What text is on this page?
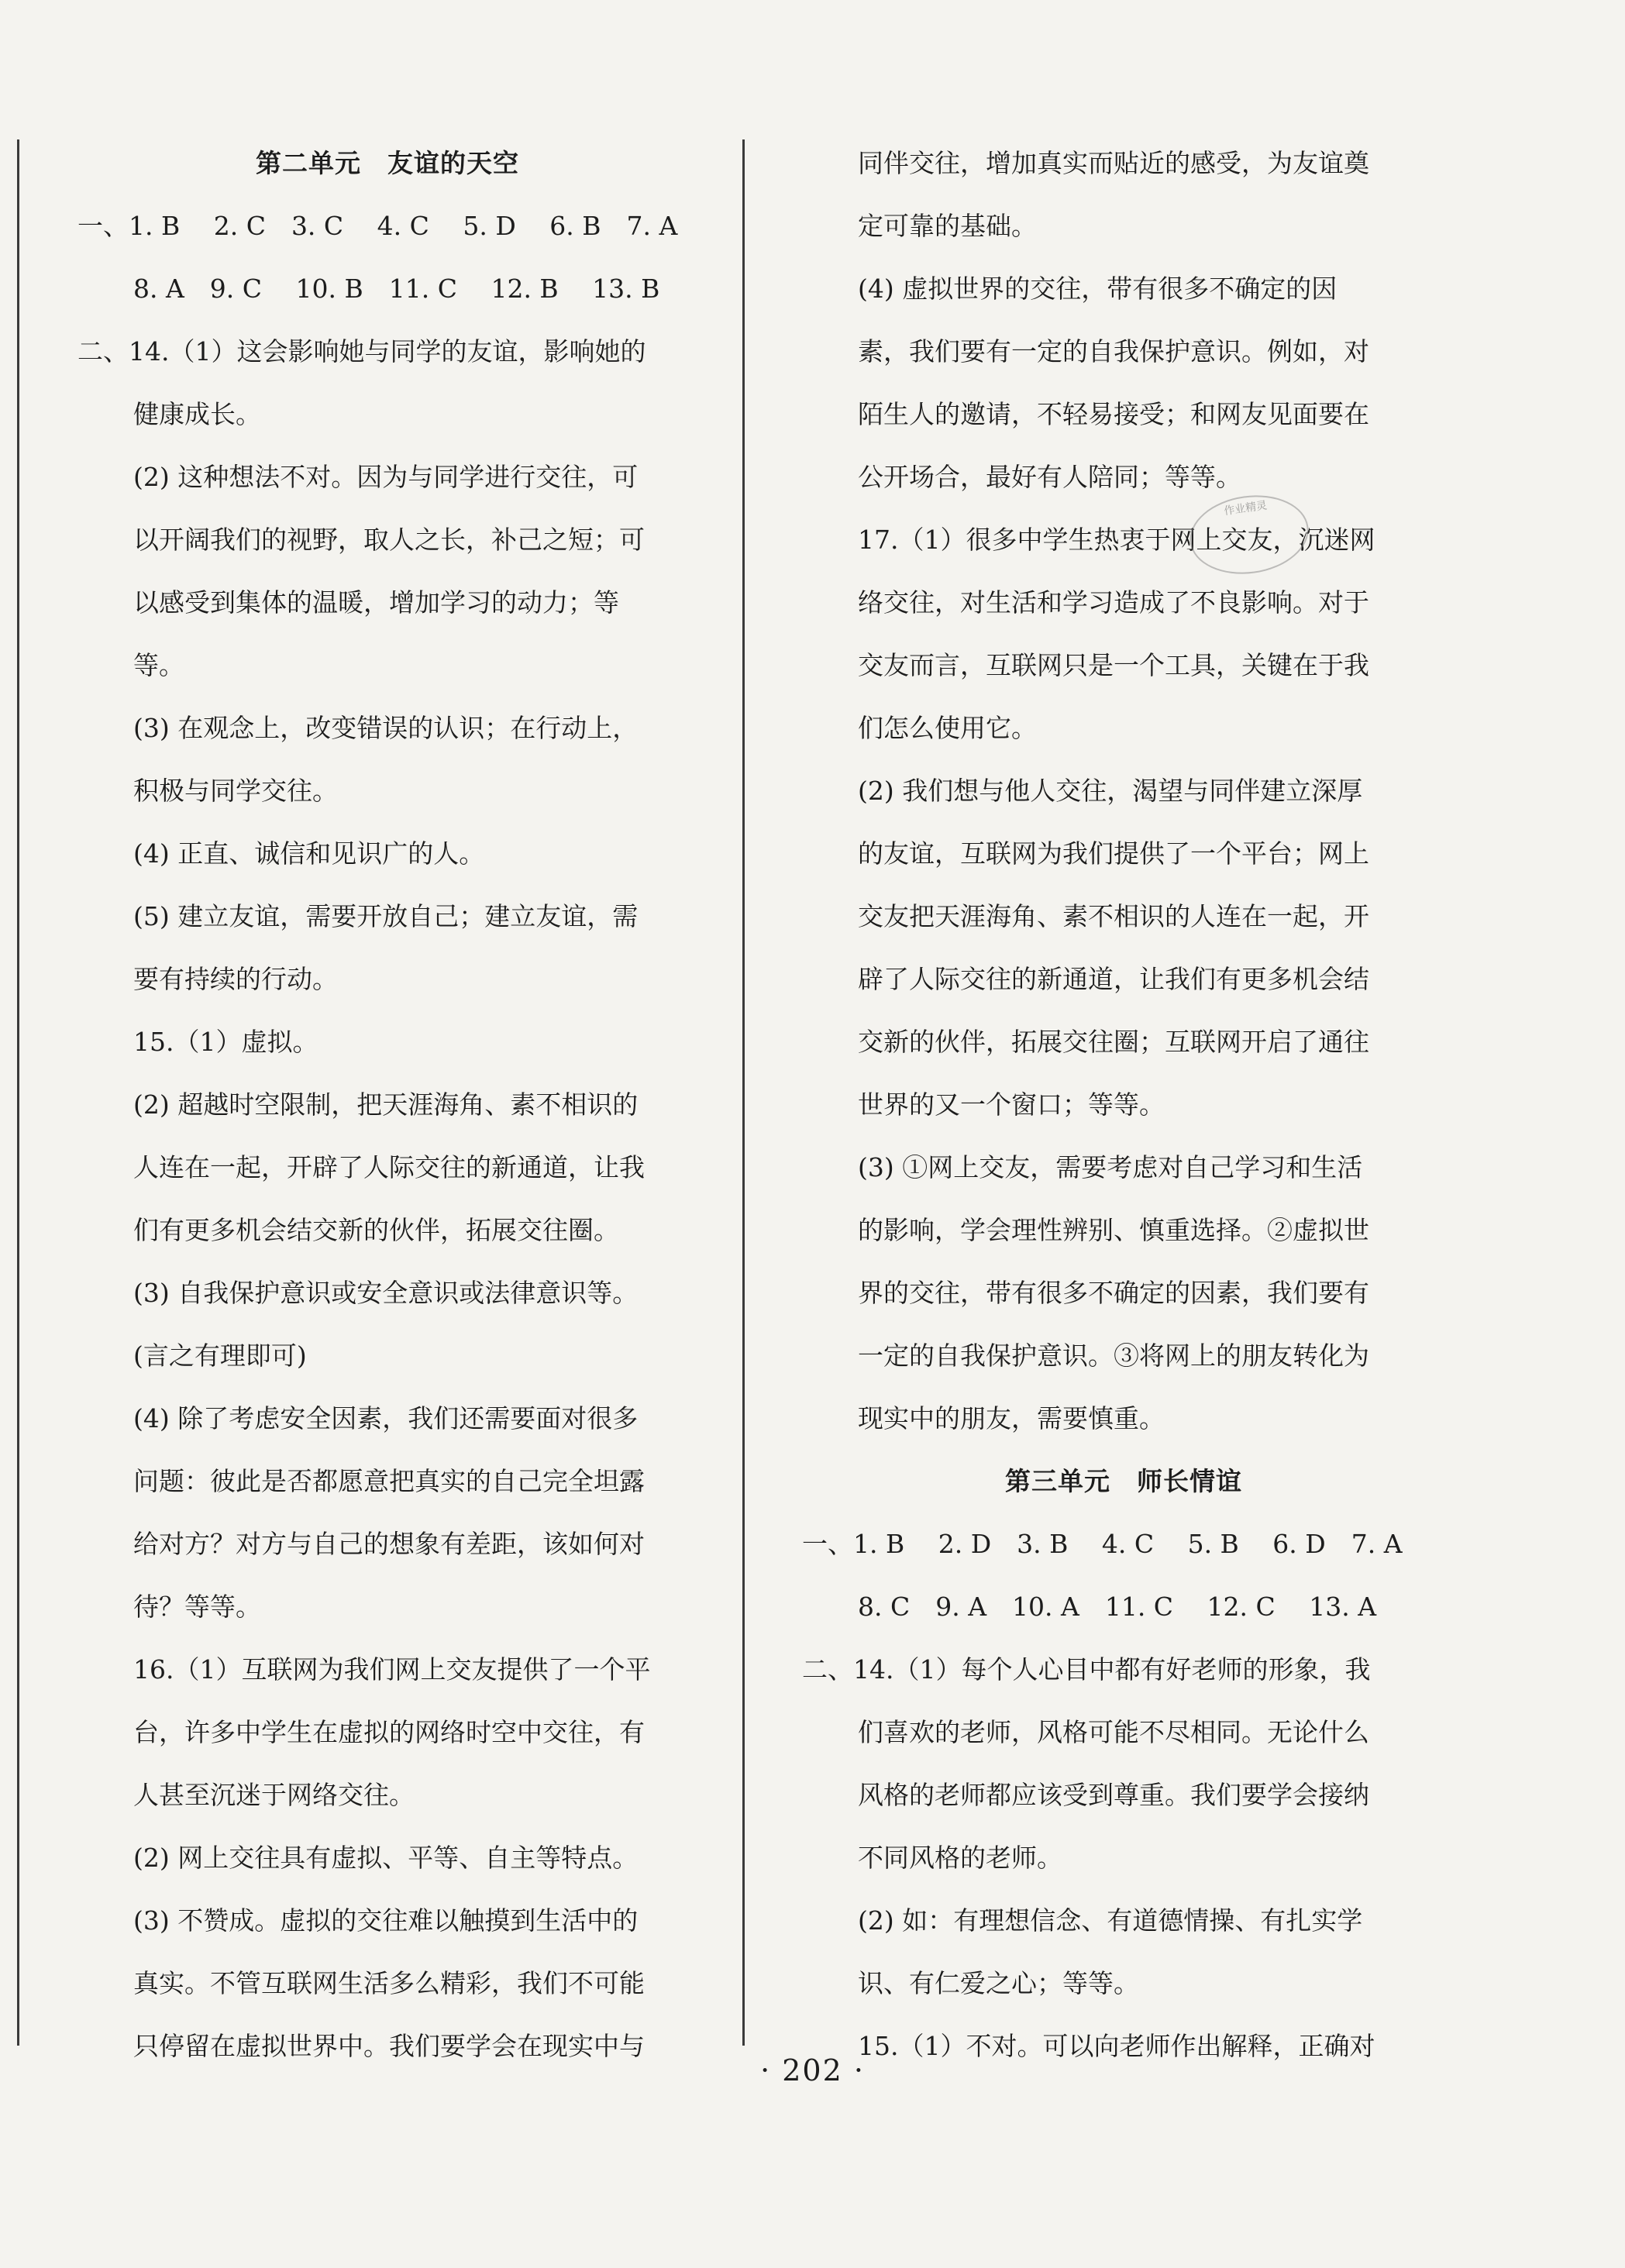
第二单元　友谊的天空
一、1. B　 2. C　3. C　 4. C　 5. D　 6. B　7. A
8. A　9. C　 10. B　11. C　 12. B　 13. B
二、14.（1）这会影响她与同学的友谊，影响她的
健康成长。
(2) 这种想法不对。因为与同学进行交往，可
以开阔我们的视野，取人之长，补己之短；可
以感受到集体的温暖，增加学习的动力；等
等。
(3) 在观念上，改变错误的认识；在行动上，
积极与同学交往。
(4) 正直、诚信和见识广的人。
(5) 建立友谊，需要开放自己；建立友谊，需
要有持续的行动。
15.（1）虚拟。
(2) 超越时空限制，把天涯海角、素不相识的
人连在一起，开辟了人际交往的新通道，让我
们有更多机会结交新的伙伴，拓展交往圈。
(3) 自我保护意识或安全意识或法律意识等。
(言之有理即可)
(4) 除了考虑安全因素，我们还需要面对很多
问题：彼此是否都愿意把真实的自己完全坦露
给对方？对方与自己的想象有差距，该如何对
待？等等。
16.（1）互联网为我们网上交友提供了一个平
台，许多中学生在虚拟的网络时空中交往，有
人甚至沉迷于网络交往。
(2) 网上交往具有虚拟、平等、自主等特点。
(3) 不赞成。虚拟的交往难以触摸到生活中的
真实。不管互联网生活多么精彩，我们不可能
只停留在虚拟世界中。我们要学会在现实中与
同伴交往，增加真实而贴近的感受，为友谊奠
定可靠的基础。
(4) 虚拟世界的交往，带有很多不确定的因
素，我们要有一定的自我保护意识。例如，对
陌生人的邀请，不轻易接受；和网友见面要在
公开场合，最好有人陪同；等等。
17.（1）很多中学生热衷于网上交友，沉迷网
络交往，对生活和学习造成了不良影响。对于
交友而言，互联网只是一个工具，关键在于我
们怎么使用它。
(2) 我们想与他人交往，渴望与同伴建立深厚
的友谊，互联网为我们提供了一个平台；网上
交友把天涯海角、素不相识的人连在一起，开
辟了人际交往的新通道，让我们有更多机会结
交新的伙伴，拓展交往圈；互联网开启了通往
世界的又一个窗口；等等。
(3) ①网上交友，需要考虑对自己学习和生活
的影响，学会理性辨别、慎重选择。②虚拟世
界的交往，带有很多不确定的因素，我们要有
一定的自我保护意识。③将网上的朋友转化为
现实中的朋友，需要慎重。
第三单元　师长情谊
一、1. B　 2. D　3. B　 4. C　 5. B　 6. D　7. A
8. C　9. A　10. A　11. C　 12. C　 13. A
二、14.（1）每个人心目中都有好老师的形象，我
们喜欢的老师，风格可能不尽相同。无论什么
风格的老师都应该受到尊重。我们要学会接纳
不同风格的老师。
(2) 如：有理想信念、有道德情操、有扎实学
识、有仁爱之心；等等。
15.（1）不对。可以向老师作出解释，正确对
作业精灵
· 202 ·
